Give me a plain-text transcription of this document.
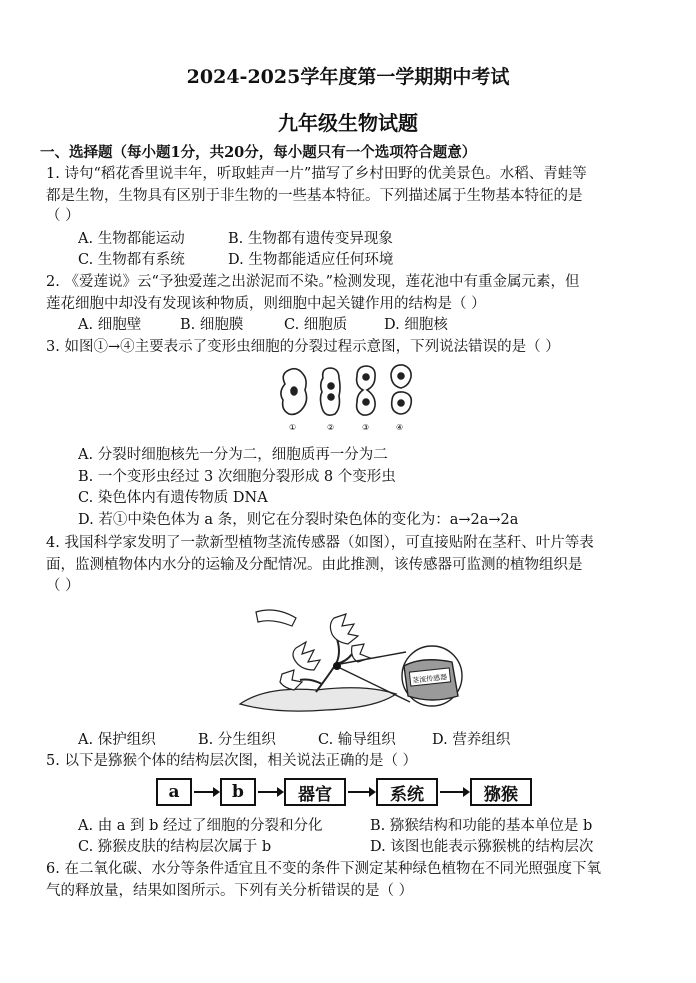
2024-2025学年度第一学期期中考试
九年级生物试题
一、选择题（每小题1分，共20分，每小题只有一个选项符合题意）
1. 诗句“稻花香里说丰年，听取蛙声一片”描写了乡村田野的优美景色。水稻、青蛙等
都是生物，生物具有区别于非生物的一些基本特征。下列描述属于生物基本特征的是
（ ）
A. 生物都能运动	B. 生物都有遗传变异现象
C. 生物都有系统	D. 生物都能适应任何环境
2. 《爱莲说》云“予独爱莲之出淤泥而不染。”检测发现，莲花池中有重金属元素，但
莲花细胞中却没有发现该种物质，则细胞中起关键作用的结构是（ ）
A. 细胞壁	B. 细胞膜	C. 细胞质	D. 细胞核
3. 如图①→④主要表示了变形虫细胞的分裂过程示意图，下列说法错误的是（ ）
①	②	③	④
A. 分裂时细胞核先一分为二，细胞质再一分为二
B. 一个变形虫经过 3 次细胞分裂形成 8 个变形虫
C. 染色体内有遗传物质 DNA
D. 若①中染色体为 a 条，则它在分裂时染色体的变化为：a→2a→2a
4. 我国科学家发明了一款新型植物茎流传感器（如图），可直接贴附在茎秆、叶片等表
面，监测植物体内水分的运输及分配情况。由此推测，该传感器可监测的植物组织是
（ ）
茎流传感器
A. 保护组织	B. 分生组织	C. 输导组织 D. 营养组织
5. 以下是猕猴个体的结构层次图，相关说法正确的是（ ）
a	b	器官	系统	猕猴
A. 由 a 到 b 经过了细胞的分裂和分化	B. 猕猴结构和功能的基本单位是 b
C. 猕猴皮肤的结构层次属于 b	D. 该图也能表示猕猴桃的结构层次
6. 在二氧化碳、水分等条件适宜且不变的条件下测定某种绿色植物在不同光照强度下氧
气的释放量，结果如图所示。下列有关分析错误的是（ ）
